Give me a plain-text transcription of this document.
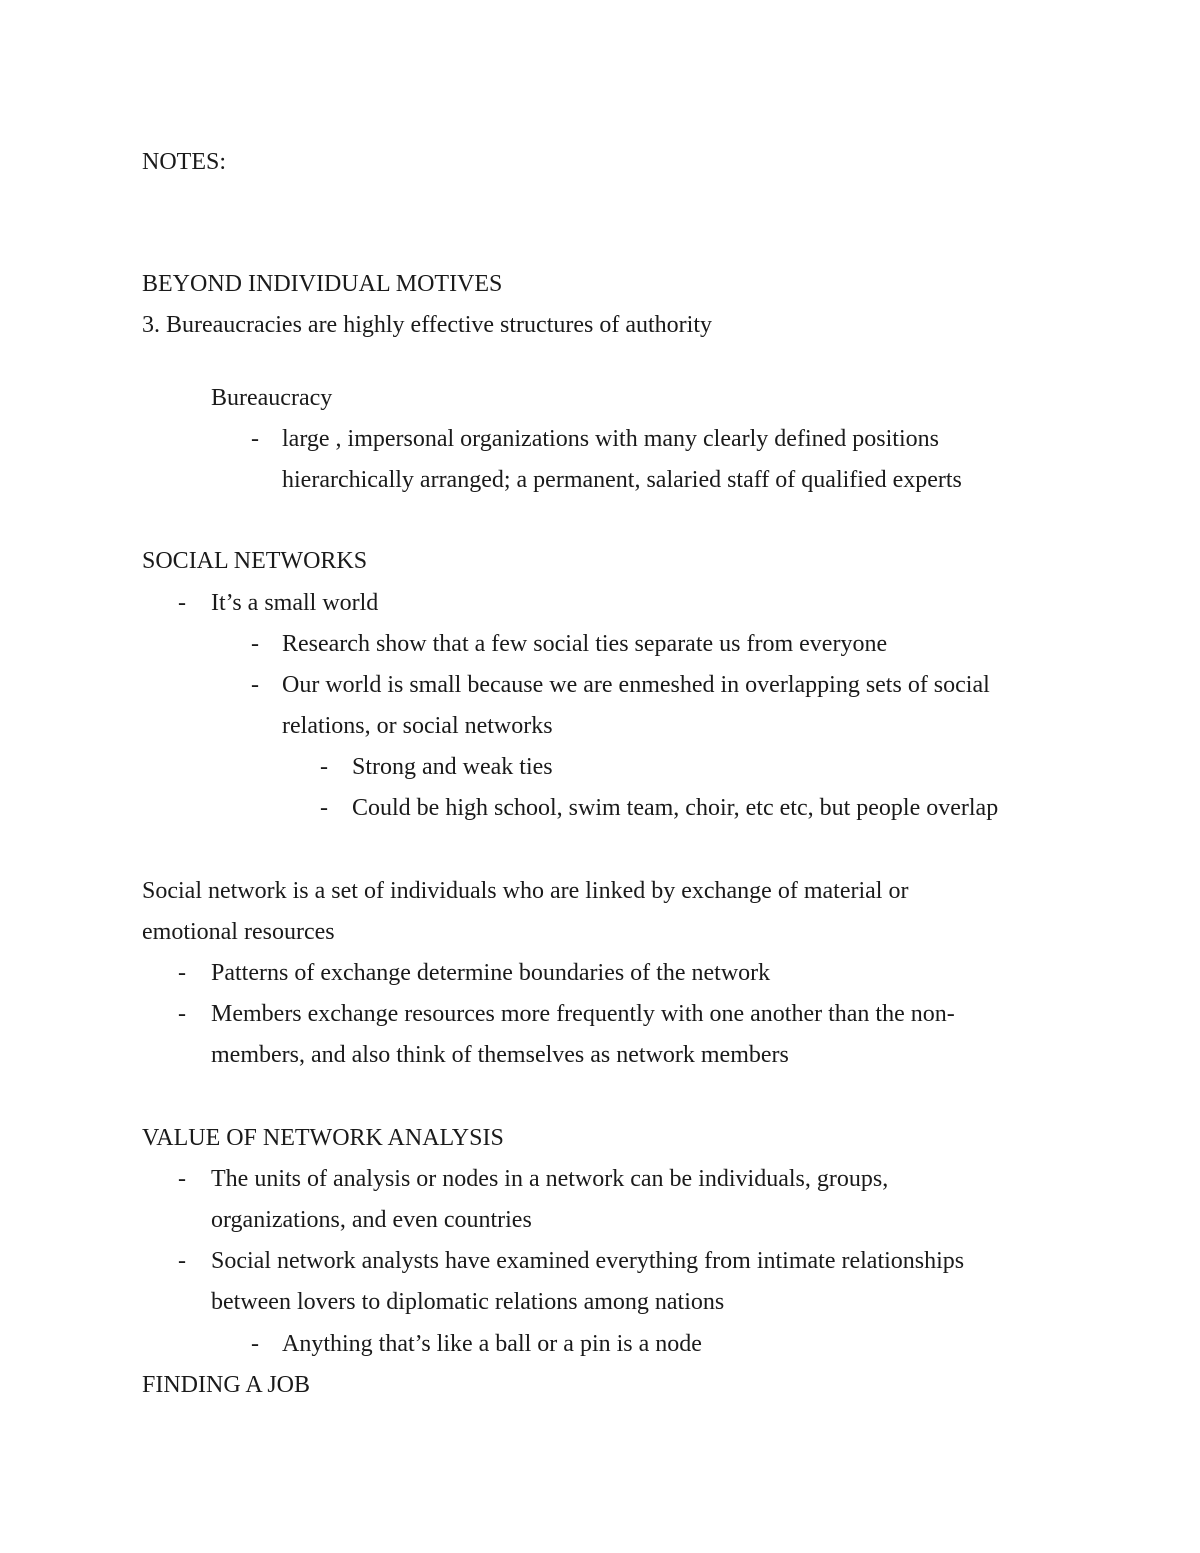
NOTES:
BEYOND INDIVIDUAL MOTIVES
3. Bureaucracies are highly effective structures of authority
Bureaucracy
- large , impersonal organizations with many clearly defined positions
hierarchically arranged; a permanent, salaried staff of qualified experts
SOCIAL NETWORKS
- It’s a small world
- Research show that a few social ties separate us from everyone
- Our world is small because we are enmeshed in overlapping sets of social
relations, or social networks
- Strong and weak ties
- Could be high school, swim team, choir, etc etc, but people overlap
Social network is a set of individuals who are linked by exchange of material or
emotional resources
- Patterns of exchange determine boundaries of the network
- Members exchange resources more frequently with one another than the non-
members, and also think of themselves as network members
VALUE OF NETWORK ANALYSIS
- The units of analysis or nodes in a network can be individuals, groups,
organizations, and even countries
- Social network analysts have examined everything from intimate relationships
between lovers to diplomatic relations among nations
- Anything that’s like a ball or a pin is a node
FINDING A JOB
